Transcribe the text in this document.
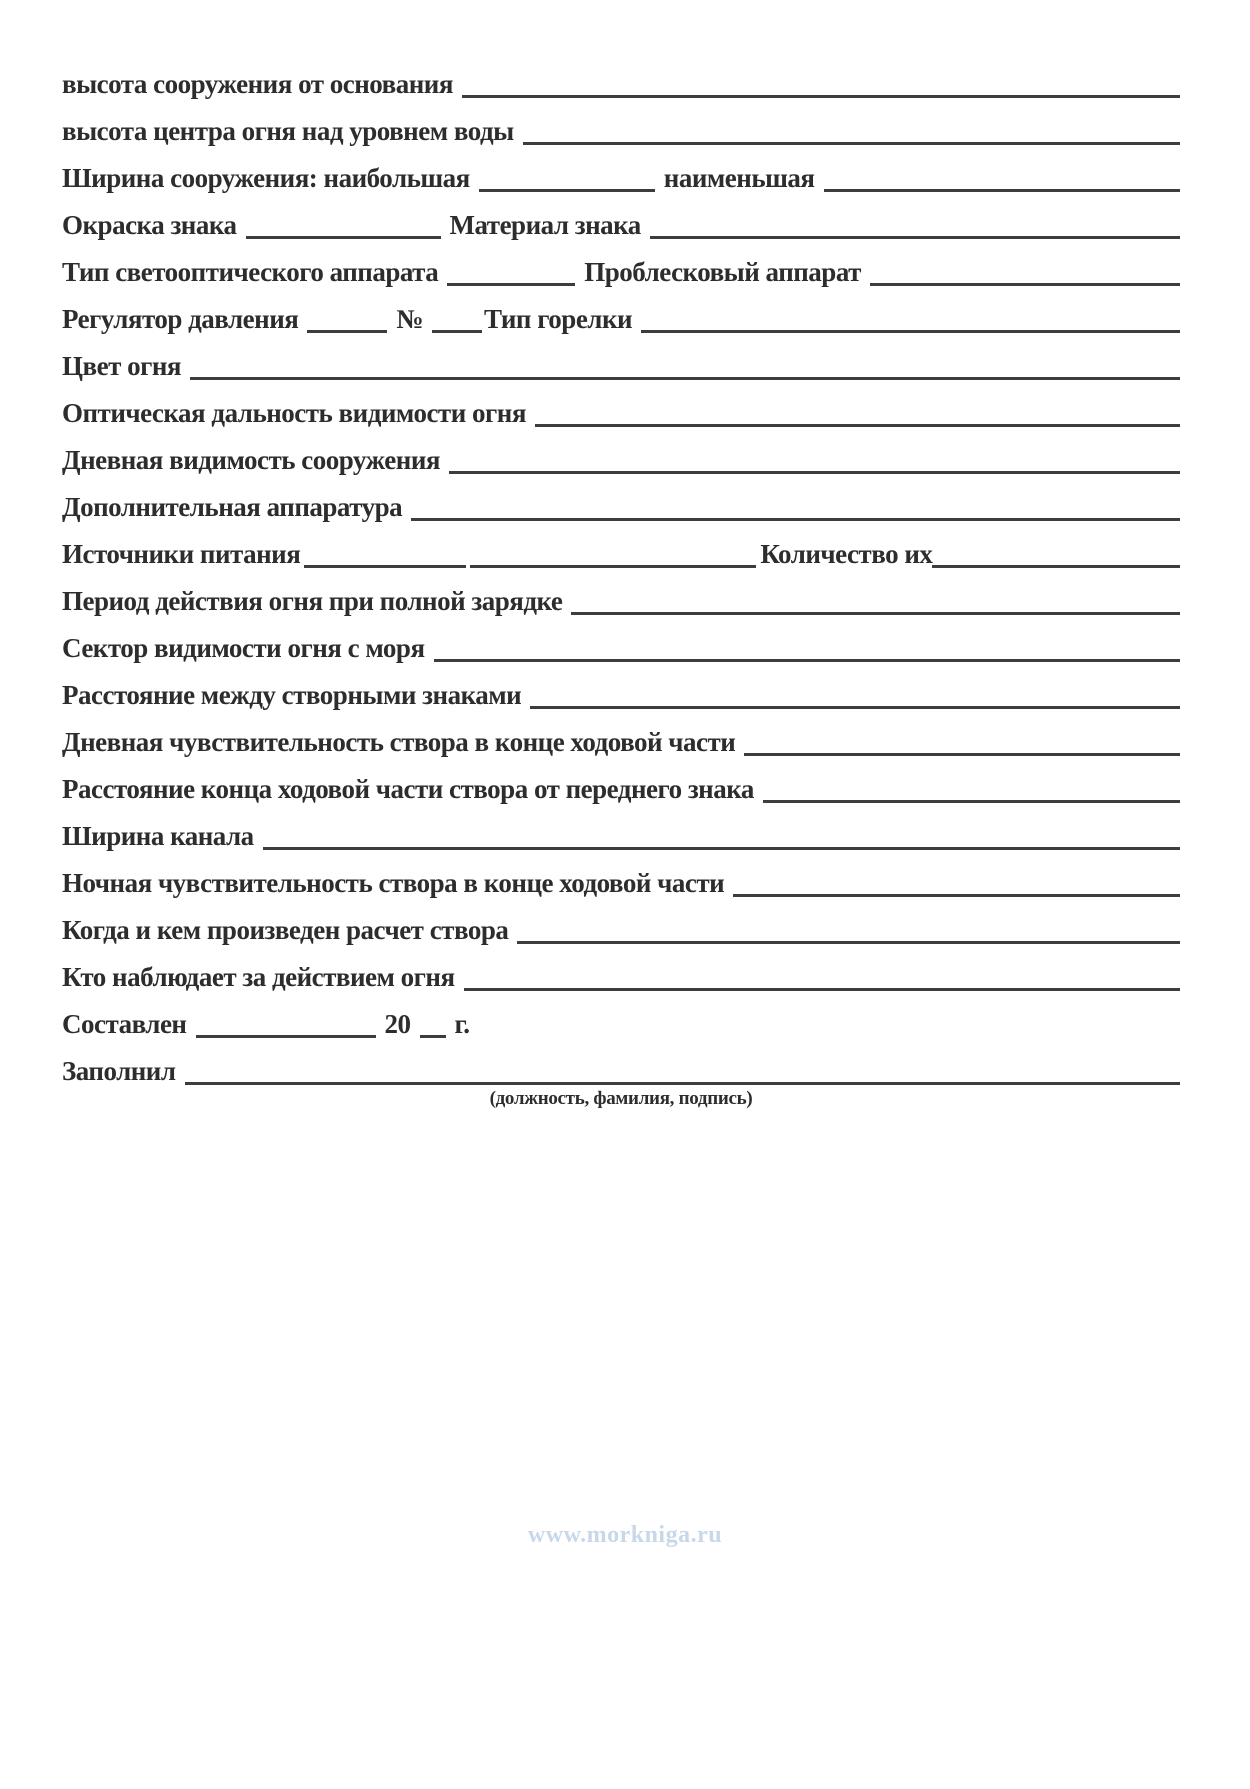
высота сооружения от основания
высота центра огня над уровнем воды
Ширина сооружения: наибольшая	наименьшая
Окраска знака	Материал знака
Тип светооптического аппарата	Проблесковый аппарат
Регулятор давления	№ Тип горелки
Цвет огня
Оптическая дальность видимости огня
Дневная видимость сооружения
Дополнительная аппаратура
Источники питания	Количество их
Период действия огня при полной зарядке
Сектор видимости огня с моря
Расстояние между створными знаками
Дневная чувствительность створа в конце ходовой части
Расстояние конца ходовой части створа от переднего знака
Ширина канала
Ночная чувствительность створа в конце ходовой части
Когда и кем произведен расчет створа
Кто наблюдает за действием огня
Составлен	20 г.
Заполнил
(должность, фамилия, подпись)
www.morkniga.ru
